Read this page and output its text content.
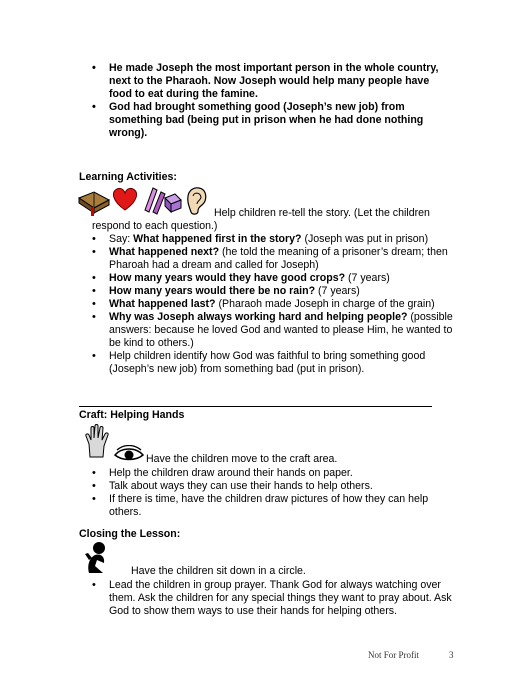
• He made Joseph the most important person in the whole country, next to the Pharaoh. Now Joseph would help many people have food to eat during the famine.
• God had brought something good (Joseph’s new job) from something bad (being put in prison when he had done nothing wrong).
Learning Activities:
Help children re-tell the story. (Let the children respond to each question.)
• Say: What happened first in the story? (Joseph was put in prison)
• What happened next? (he told the meaning of a prisoner’s dream; then Pharoah had a dream and called for Joseph)
• How many years would they have good crops? (7 years)
• How many years would there be no rain? (7 years)
• What happened last? (Pharaoh made Joseph in charge of the grain)
• Why was Joseph always working hard and helping people? (possible answers: because he loved God and wanted to please Him, he wanted to be kind to others.)
• Help children identify how God was faithful to bring something good (Joseph’s new job) from something bad (put in prison).
Craft: Helping Hands
Have the children move to the craft area.
• Help the children draw around their hands on paper.
• Talk about ways they can use their hands to help others.
• If there is time, have the children draw pictures of how they can help others.
Closing the Lesson:
Have the children sit down in a circle.
• Lead the children in group prayer. Thank God for always watching over them. Ask the children for any special things they want to pray about. Ask God to show them ways to use their hands for helping others.
Not For Profit	3
